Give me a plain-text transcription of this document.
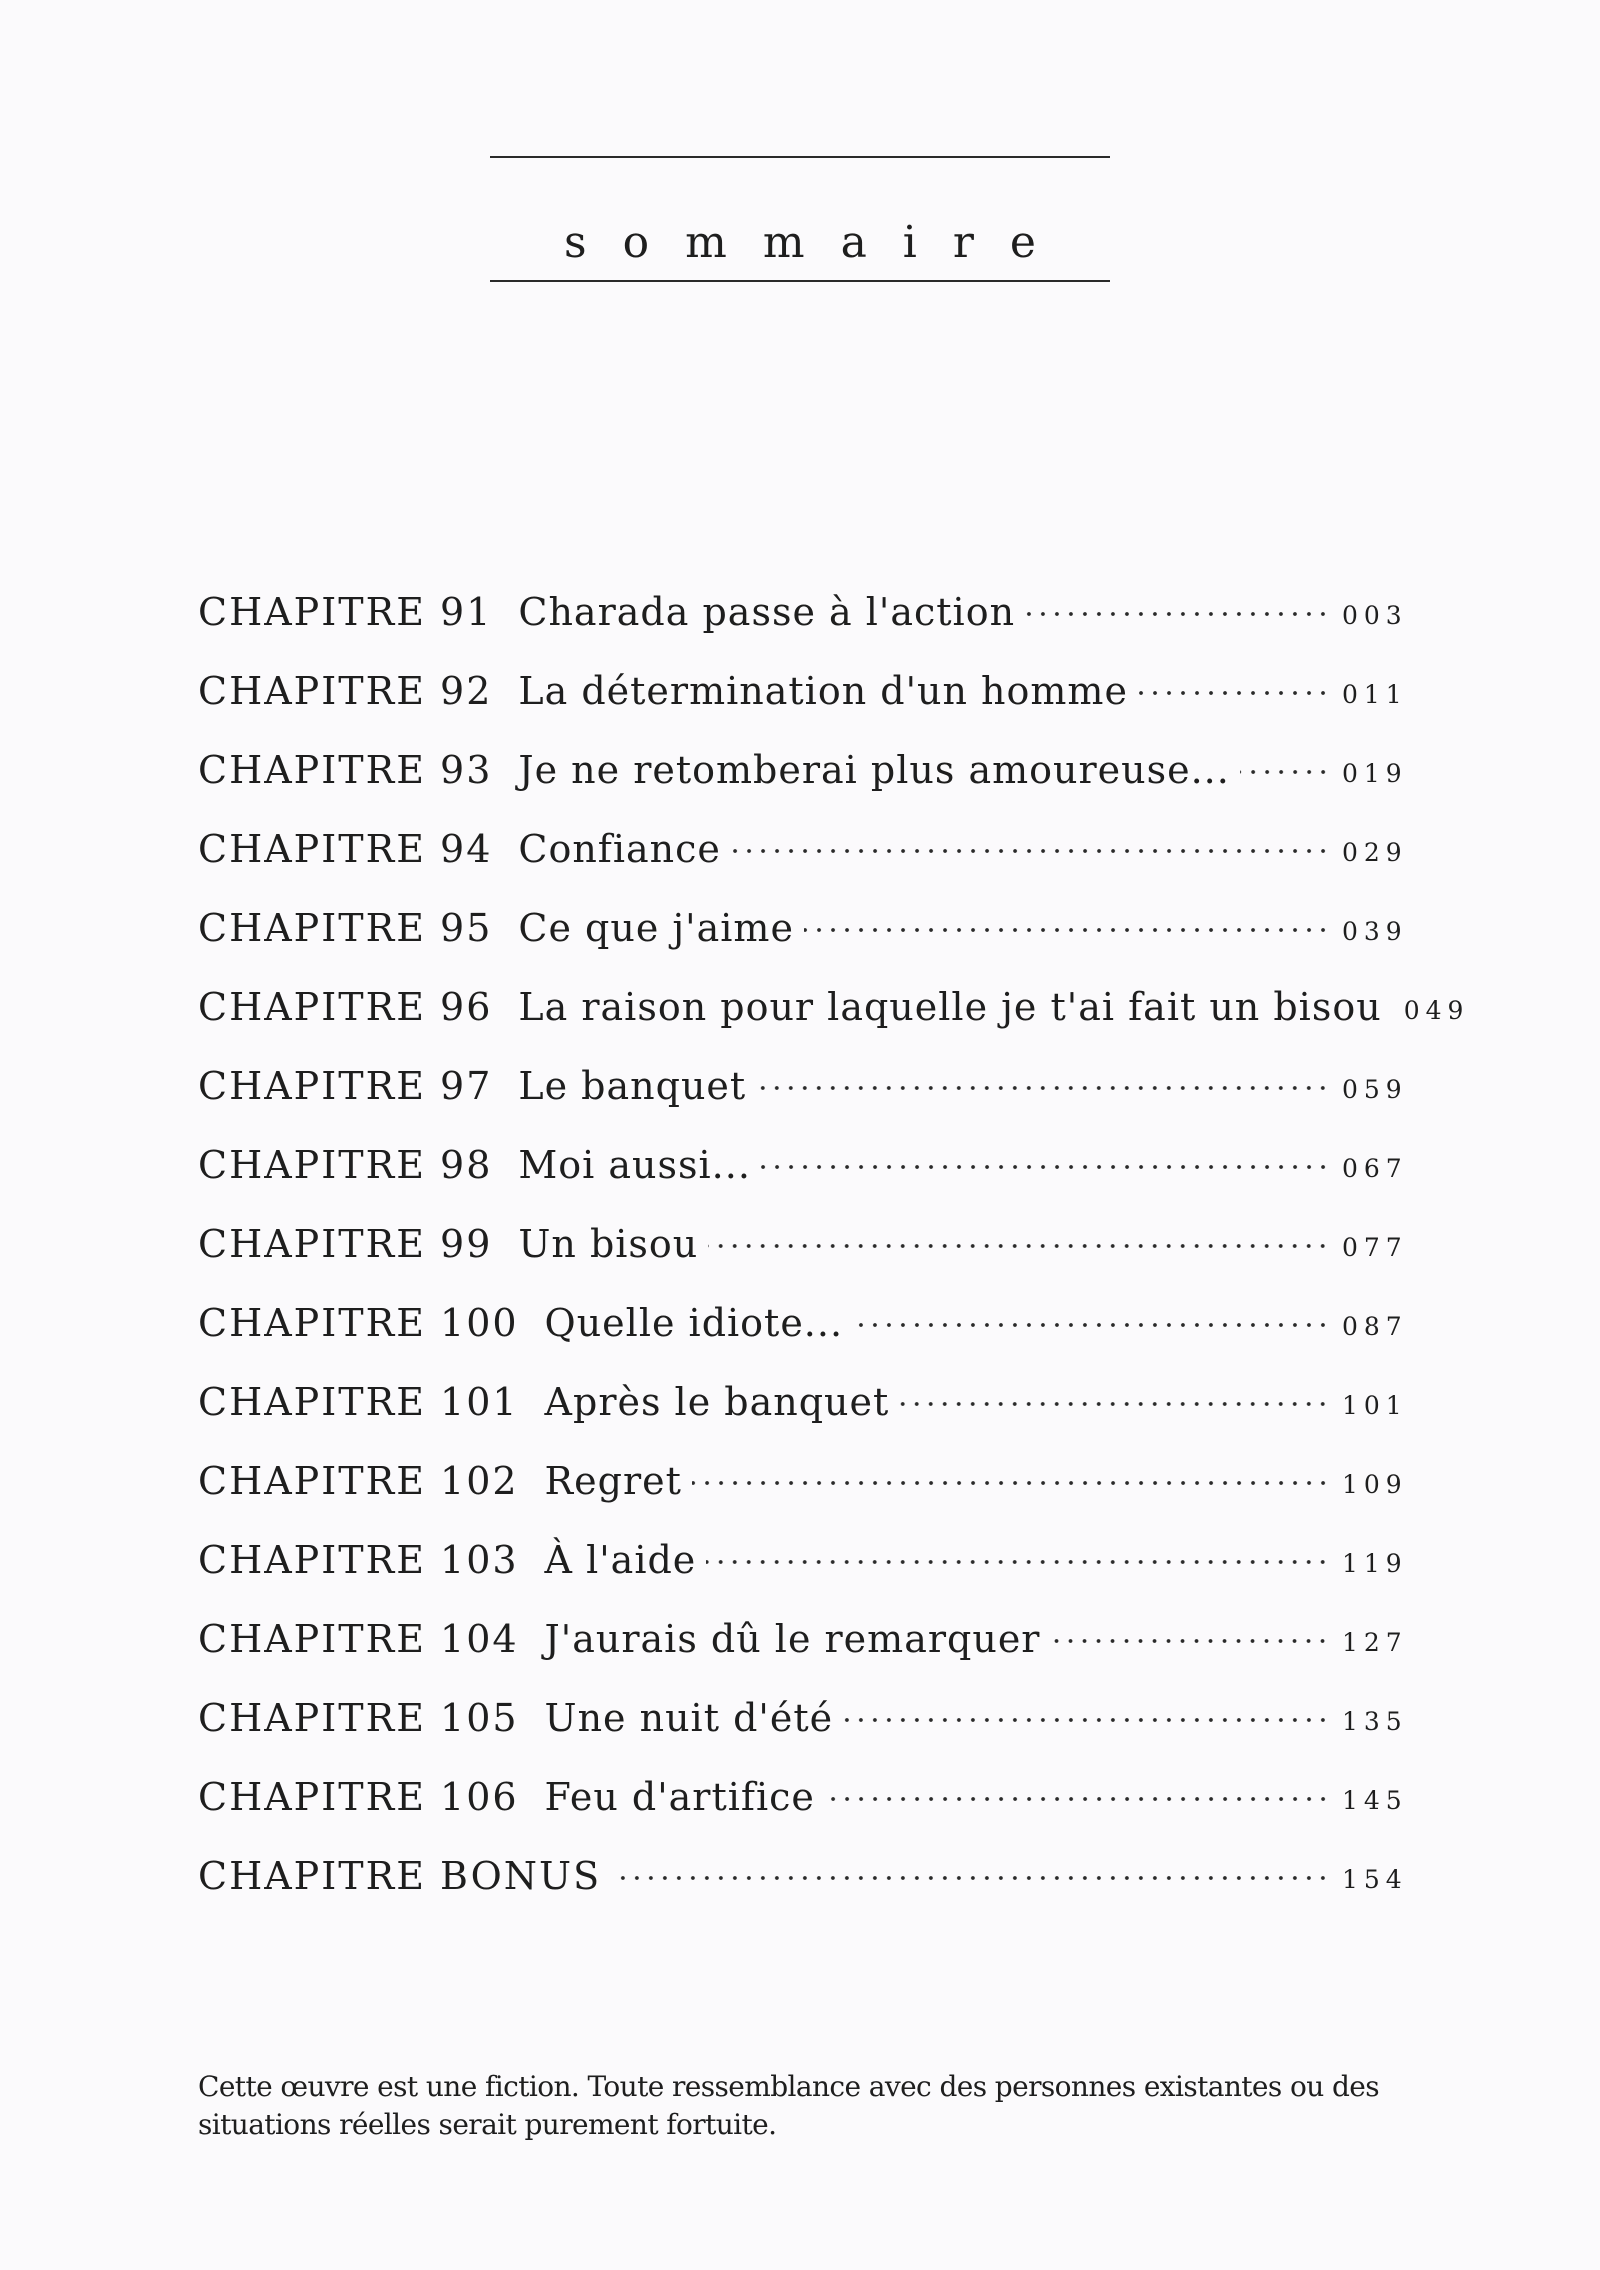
sommaire
CHAPITRE 91 Charada passe à l'action	003
CHAPITRE 92 La détermination d'un homme	011
CHAPITRE 93 Je ne retomberai plus amoureuse...	019
CHAPITRE 94 Confiance	029
CHAPITRE 95 Ce que j'aime	039
CHAPITRE 96 La raison pour laquelle je t'ai fait un bisou 049
CHAPITRE 97 Le banquet	059
CHAPITRE 98 Moi aussi...	067
CHAPITRE 99 Un bisou	077
CHAPITRE 100 Quelle idiote...	087
CHAPITRE 101 Après le banquet	101
CHAPITRE 102 Regret	109
CHAPITRE 103 À l'aide	119
CHAPITRE 104 J'aurais dû le remarquer	127
CHAPITRE 105 Une nuit d'été	135
CHAPITRE 106 Feu d'artifice	145
CHAPITRE BONUS	154

Cette œuvre est une fiction. Toute ressemblance avec des personnes existantes ou des situations réelles serait purement fortuite.
